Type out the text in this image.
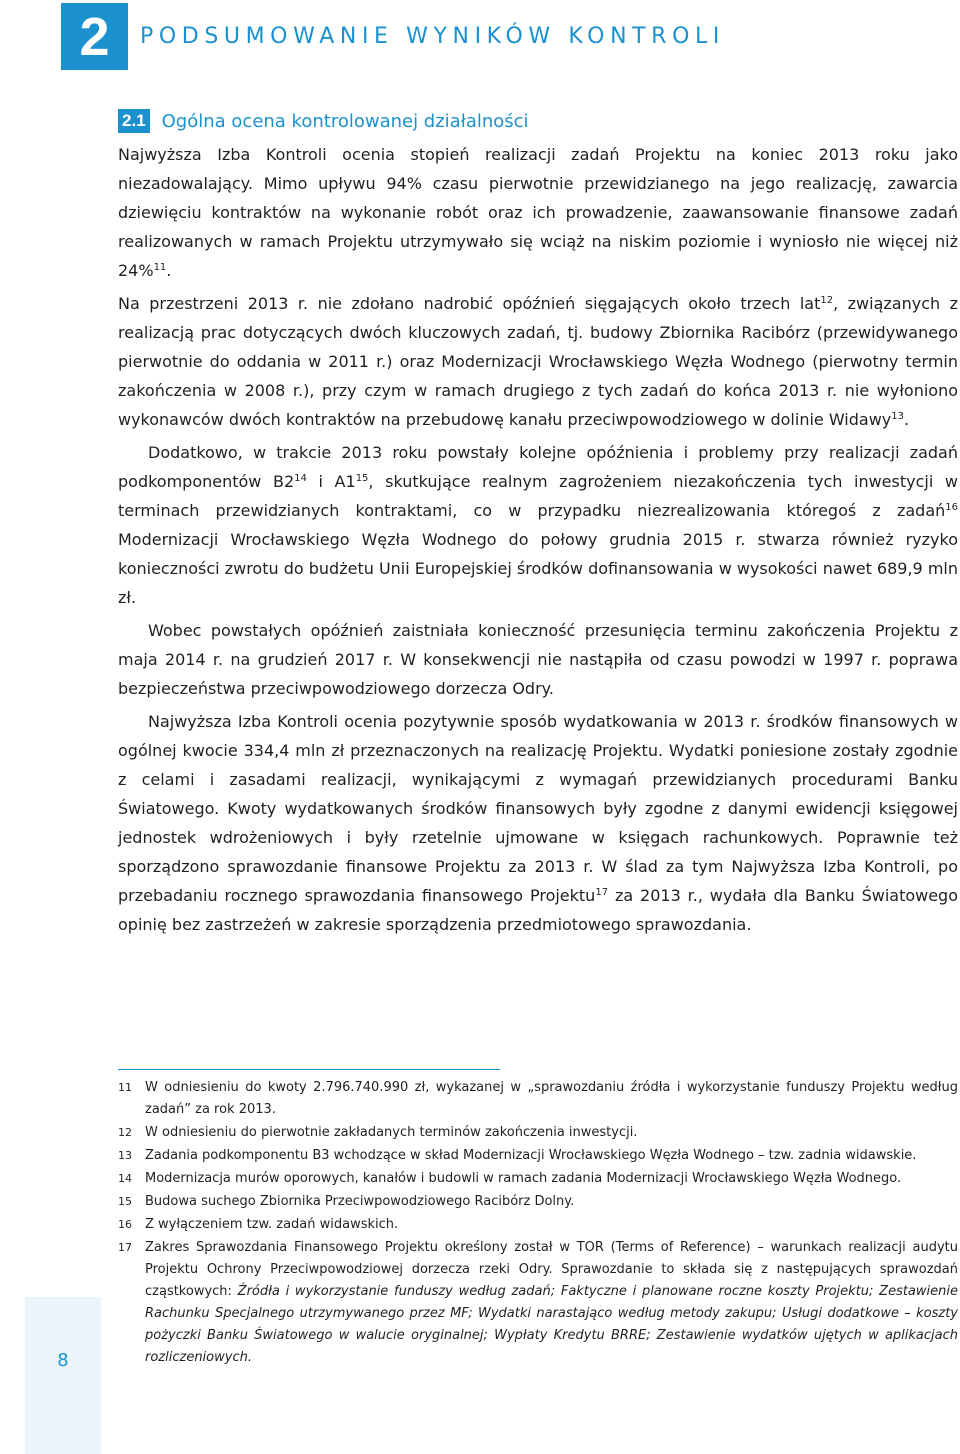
2	PODSUMOWANIE WYNIKÓW KONTROLI
2.1 Ogólna ocena kontrolowanej działalności

Najwyższa Izba Kontroli ocenia stopień realizacji zadań Projektu na koniec 2013 roku jako niezadowalający. Mimo upływu 94% czasu pierwotnie przewidzianego na jego realizację, zawarcia dziewięciu kontraktów na wykonanie robót oraz ich prowadzenie, zaawansowanie finansowe zadań realizowanych w ramach Projektu utrzymywało się wciąż na niskim poziomie i wyniosło nie więcej niż 24%$^{11}$.

Na przestrzeni 2013 r. nie zdołano nadrobić opóźnień sięgających około trzech lat$^{12}$, związanych z realizacją prac dotyczących dwóch kluczowych zadań, tj. budowy Zbiornika Racibórz (przewidywanego pierwotnie do oddania w 2011 r.) oraz Modernizacji Wrocławskiego Węzła Wodnego (pierwotny termin zakończenia w 2008 r.), przy czym w ramach drugiego z tych zadań do końca 2013 r. nie wyłoniono wykonawców dwóch kontraktów na przebudowę kanału przeciwpowodziowego w dolinie Widawy$^{13}$.

Dodatkowo, w trakcie 2013 roku powstały kolejne opóźnienia i problemy przy realizacji zadań podkomponentów $B2^{14}$ i $A1^{15}$, skutkujące realnym zagrożeniem niezakończenia tych inwestycji w terminach przewidzianych kontraktami, co w przypadku niezrealizowania któregoś z zadań$^{16}$ Modernizacji Wrocławskiego Węzła Wodnego do połowy grudnia 2015 r. stwarza również ryzyko konieczności zwrotu do budżetu Unii Europejskiej środków dofinansowania w wysokości nawet 689,9 mln zł.

Wobec powstałych opóźnień zaistniała konieczność przesunięcia terminu zakończenia Projektu z maja 2014 r. na grudzień 2017 r. W konsekwencji nie nastąpiła od czasu powodzi w 1997 r. poprawa bezpieczeństwa przeciwpowodziowego dorzecza Odry.

Najwyższa Izba Kontroli ocenia pozytywnie sposób wydatkowania w 2013 r. środków finansowych w ogólnej kwocie 334,4 mln zł przeznaczonych na realizację Projektu. Wydatki poniesione zostały zgodnie z celami i zasadami realizacji, wynikającymi z wymagań przewidzianych procedurami Banku Światowego. Kwoty wydatkowanych środków finansowych były zgodne z danymi ewidencji księgowej jednostek wdrożeniowych i były rzetelnie ujmowane w księgach rachunkowych. Poprawnie też sporządzono sprawozdanie finansowe Projektu za 2013 r. W ślad za tym Najwyższa Izba Kontroli, po przebadaniu rocznego sprawozdania finansowego Projektu$^{17}$ za 2013 r., wydała dla Banku Światowego opinię bez zastrzeżeń w zakresie sporządzenia przedmiotowego sprawozdania.

11	W odniesieniu do kwoty 2.796.740.990 zł, wykazanej w „sprawozdaniu źródła i wykorzystanie funduszy Projektu według zadań” za rok 2013.
12	W odniesieniu do pierwotnie zakładanych terminów zakończenia inwestycji.
13	Zadania podkomponentu B3 wchodzące w skład Modernizacji Wrocławskiego Węzła Wodnego – tzw. zadnia widawskie.
14	Modernizacja murów oporowych, kanałów i budowli w ramach zadania Modernizacji Wrocławskiego Węzła Wodnego.
15	Budowa suchego Zbiornika Przeciwpowodziowego Racibórz Dolny.
16	Z wyłączeniem tzw. zadań widawskich.
17	Zakres Sprawozdania Finansowego Projektu określony został w TOR (Terms of Reference) – warunkach realizacji audytu Projektu Ochrony Przeciwpowodziowej dorzecza rzeki Odry. Sprawozdanie to składa się z następujących sprawozdań cząstkowych: Źródła i wykorzystanie funduszy według zadań; Faktyczne i planowane roczne koszty Projektu; Zestawienie Rachunku Specjalnego utrzymywanego przez MF; Wydatki narastająco według metody zakupu; Usługi dodatkowe – koszty pożyczki Banku Światowego w walucie oryginalnej; Wypłaty Kredytu BRRE; Zestawienie wydatków ujętych w aplikacjach rozliczeniowych.
8
